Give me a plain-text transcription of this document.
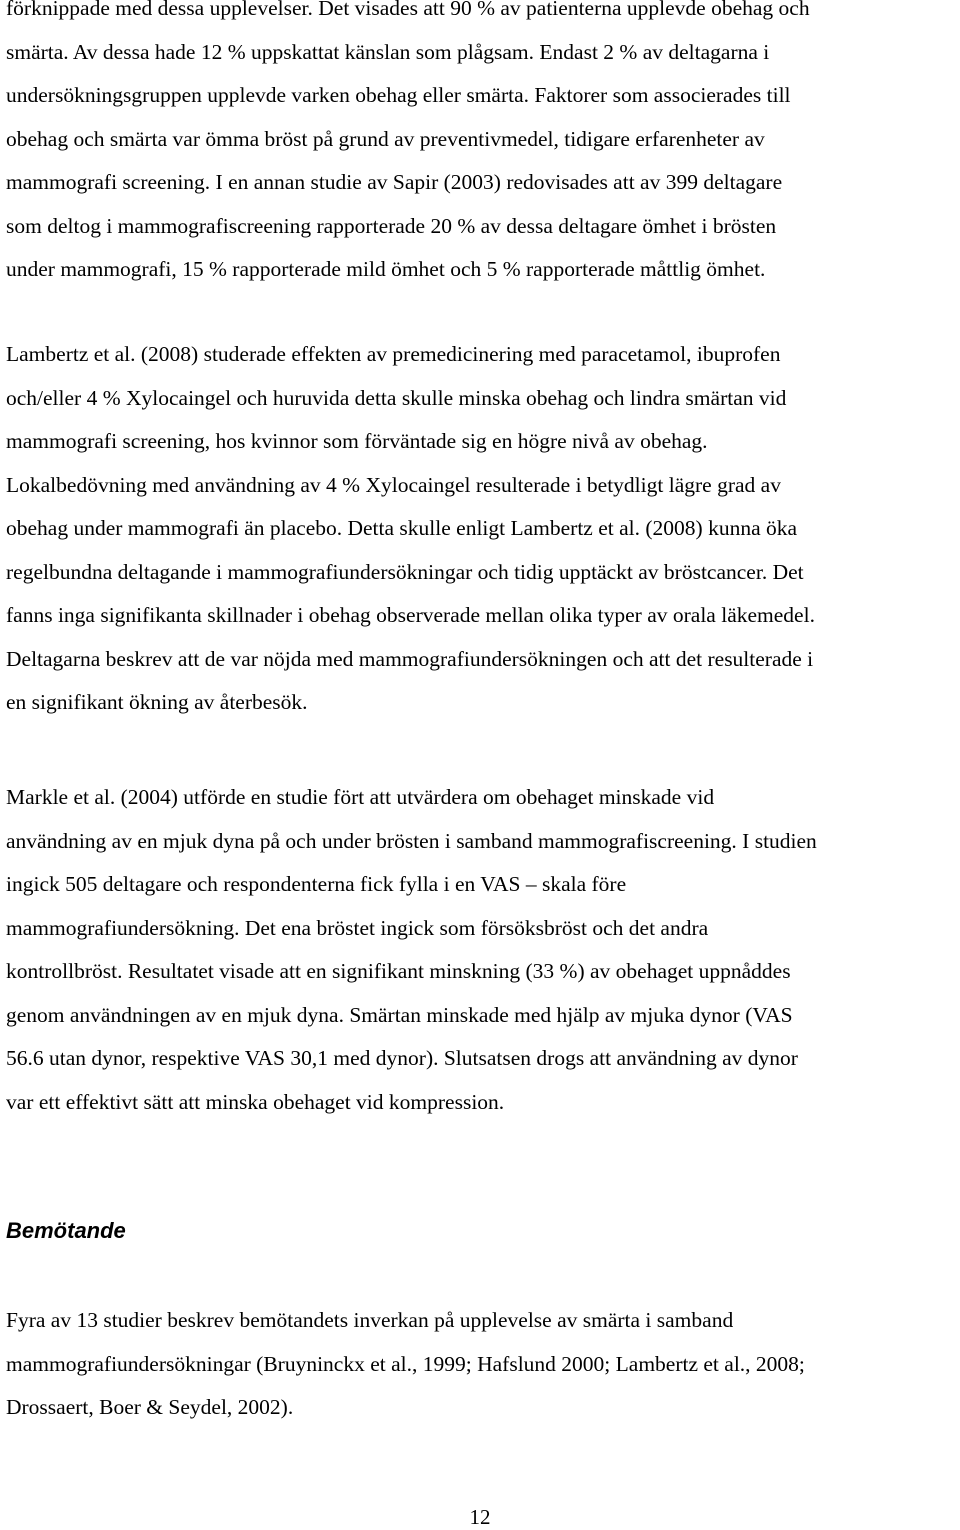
förknippade med dessa upplevelser. Det visades att 90 % av patienterna upplevde obehag och
smärta. Av dessa hade 12 % uppskattat känslan som plågsam. Endast 2 % av deltagarna i
undersökningsgruppen upplevde varken obehag eller smärta. Faktorer som associerades till
obehag och smärta var ömma bröst på grund av preventivmedel, tidigare erfarenheter av
mammografi screening. I en annan studie av Sapir (2003) redovisades att av 399 deltagare
som deltog i mammografiscreening rapporterade 20 % av dessa deltagare ömhet i brösten
under mammografi, 15 % rapporterade mild ömhet och 5 % rapporterade måttlig ömhet.
Lambertz et al. (2008) studerade effekten av premedicinering med paracetamol, ibuprofen
och/eller 4 % Xylocaingel och huruvida detta skulle minska obehag och lindra smärtan vid
mammografi screening, hos kvinnor som förväntade sig en högre nivå av obehag.
Lokalbedövning med användning av 4 % Xylocaingel resulterade i betydligt lägre grad av
obehag under mammografi än placebo. Detta skulle enligt Lambertz et al. (2008) kunna öka
regelbundna deltagande i mammografiundersökningar och tidig upptäckt av bröstcancer. Det
fanns inga signifikanta skillnader i obehag observerade mellan olika typer av orala läkemedel.
Deltagarna beskrev att de var nöjda med mammografiundersökningen och att det resulterade i
en signifikant ökning av återbesök.
Markle et al. (2004) utförde en studie fört att utvärdera om obehaget minskade vid
användning av en mjuk dyna på och under brösten i samband mammografiscreening. I studien
ingick 505 deltagare och respondenterna fick fylla i en VAS – skala före
mammografiundersökning. Det ena bröstet ingick som försöksbröst och det andra
kontrollbröst. Resultatet visade att en signifikant minskning (33 %) av obehaget uppnåddes
genom användningen av en mjuk dyna. Smärtan minskade med hjälp av mjuka dynor (VAS
56.6 utan dynor, respektive VAS 30,1 med dynor). Slutsatsen drogs att användning av dynor
var ett effektivt sätt att minska obehaget vid kompression.
Bemötande
Fyra av 13 studier beskrev bemötandets inverkan på upplevelse av smärta i samband
mammografiundersökningar (Bruyninckx et al., 1999; Hafslund 2000; Lambertz et al., 2008;
Drossaert, Boer & Seydel, 2002).

12
